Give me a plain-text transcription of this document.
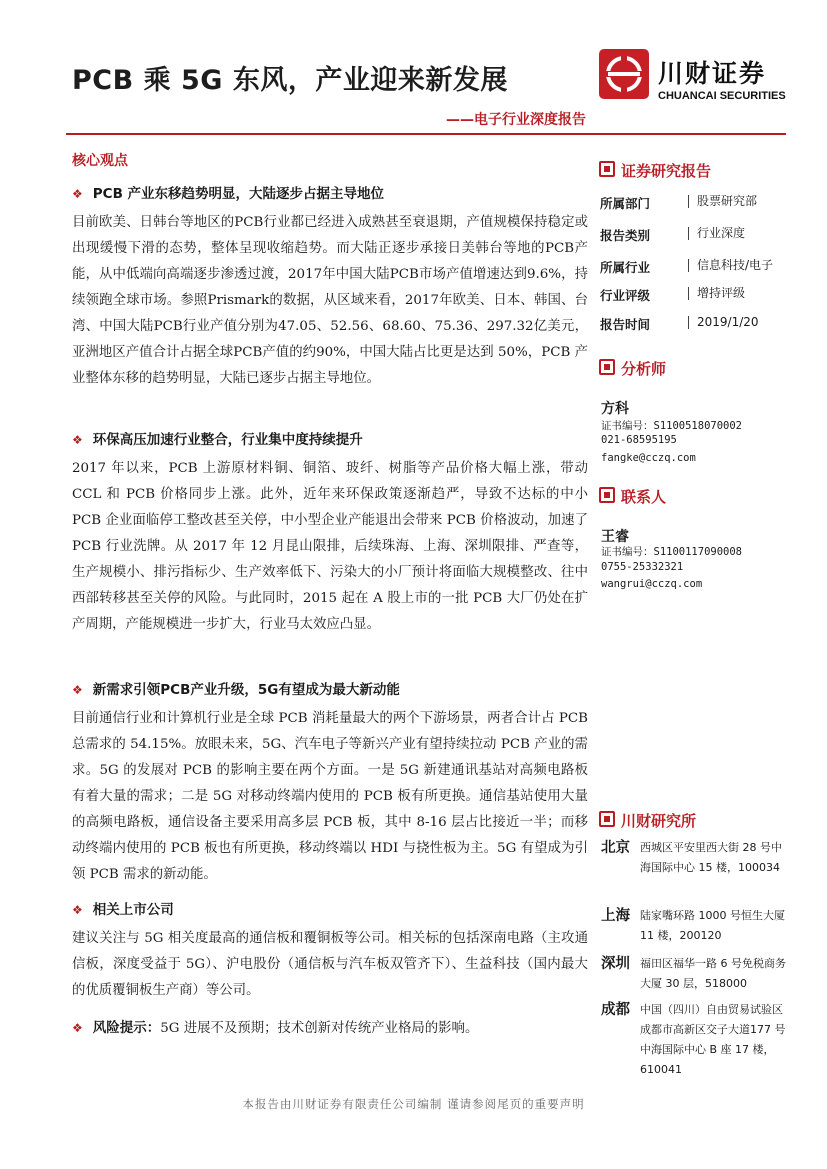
PCB 乘 5G 东风，产业迎来新发展
——电子行业深度报告
川财证券
CHUANCAI SECURITIES
核心观点
❖ PCB 产业东移趋势明显，大陆逐步占据主导地位
目前欧美、日韩台等地区的PCB行业都已经进入成熟甚至衰退期，产值规模保持稳定或出现缓慢下滑的态势，整体呈现收缩趋势。而大陆正逐步承接日美韩台等地的PCB产能，从中低端向高端逐步渗透过渡，2017年中国大陆PCB市场产值增速达到9.6%，持续领跑全球市场。参照Prismark的数据，从区域来看，2017年欧美、日本、韩国、台湾、中国大陆PCB行业产值分别为47.05、52.56、68.60、75.36、297.32亿美元，亚洲地区产值合计占据全球PCB产值的约90%，中国大陆占比更是达到 50%，PCB 产业整体东移的趋势明显，大陆已逐步占据主导地位。
❖ 环保高压加速行业整合，行业集中度持续提升
2017 年以来，PCB 上游原材料铜、铜箔、玻纤、树脂等产品价格大幅上涨，带动 CCL 和 PCB 价格同步上涨。此外，近年来环保政策逐渐趋严，导致不达标的中小 PCB 企业面临停工整改甚至关停，中小型企业产能退出会带来 PCB 价格波动，加速了 PCB 行业洗牌。从 2017 年 12 月昆山限排，后续珠海、上海、深圳限排、严查等，生产规模小、排污指标少、生产效率低下、污染大的小厂预计将面临大规模整改、往中西部转移甚至关停的风险。与此同时，2015 起在 A 股上市的一批 PCB 大厂仍处在扩产周期，产能规模进一步扩大，行业马太效应凸显。
❖ 新需求引领PCB产业升级，5G有望成为最大新动能
目前通信行业和计算机行业是全球 PCB 消耗量最大的两个下游场景，两者合计占 PCB 总需求的 54.15%。放眼未来，5G、汽车电子等新兴产业有望持续拉动 PCB 产业的需求。5G 的发展对 PCB 的影响主要在两个方面。一是 5G 新建通讯基站对高频电路板有着大量的需求；二是 5G 对移动终端内使用的 PCB 板有所更换。通信基站使用大量的高频电路板，通信设备主要采用高多层 PCB 板，其中 8-16 层占比接近一半；而移动终端内使用的 PCB 板也有所更换，移动终端以 HDI 与挠性板为主。5G 有望成为引领 PCB 需求的新动能。
❖ 相关上市公司
建议关注与 5G 相关度最高的通信板和覆铜板等公司。相关标的包括深南电路（主攻通信板，深度受益于 5G）、沪电股份（通信板与汽车板双管齐下）、生益科技（国内最大的优质覆铜板生产商）等公司。
❖ 风险提示：5G 进展不及预期；技术创新对传统产业格局的影响。
证券研究报告
所属部门	股票研究部
报告类别	行业深度
所属行业	信息科技/电子
行业评级	增持评级
报告时间	2019/1/20
分析师
方科
证书编号：S1100518070002
021-68595195
fangke@cczq.com
联系人
王睿
证书编号：S1100117090008
0755-25332321
wangrui@cczq.com
川财研究所
北京 西城区平安里西大街 28 号中海国际中心 15 楼，100034
上海 陆家嘴环路 1000 号恒生大厦 11 楼，200120
深圳 福田区福华一路 6 号免税商务大厦 30 层，518000
成都 中国（四川）自由贸易试验区成都市高新区交子大道177 号中海国际中心 B 座 17 楼，610041
本报告由川财证券有限责任公司编制 谨请参阅尾页的重要声明
